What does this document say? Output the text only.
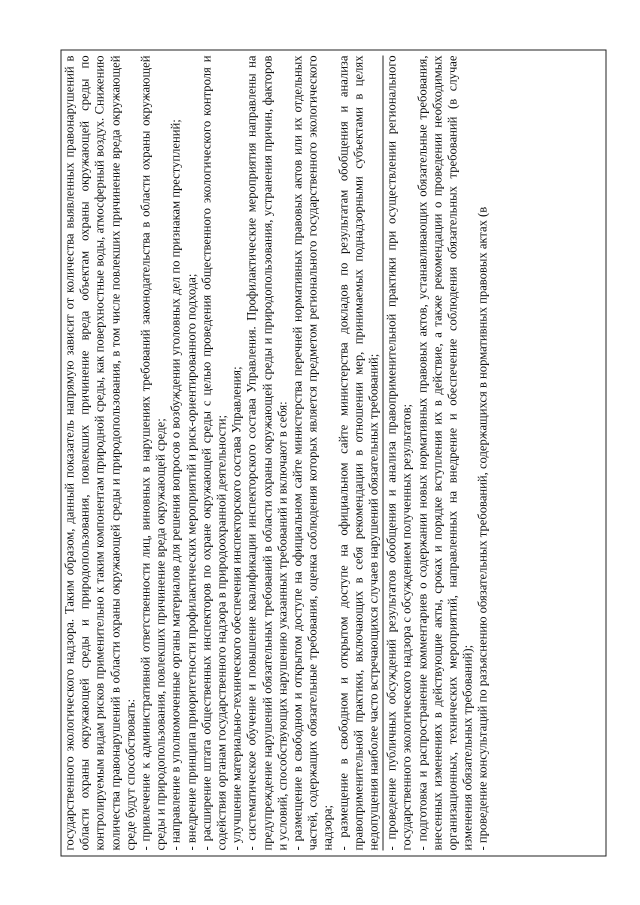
государственного экологического надзора. Таким образом, данный показатель напрямую зависит от количества выявленных правонарушений в области охраны окружающей среды и природопользования, повлекших причинение вреда объектам охраны окружающей среды по контролируемым видам рисков применительно к таким компонентам природной среды, как поверхностные воды, атмосферный воздух. Снижению количества правонарушений в области охраны окружающей среды и природопользования, в том числе повлекших причинение вреда окружающей среде будут способствовать: - привлечение к административной ответственности лиц, виновных в нарушениях требований законодательства в области охраны окружающей среды и природопользования, повлекших причинение вреда окружающей среде; - направление в уполномоченные органы материалов для решения вопросов о возбуждении уголовных дел по признакам преступлений; - внедрение принципа приоритетности профилактических мероприятий и риск-ориентированного подхода; - расширение штата общественных инспекторов по охране окружающей среды с целью проведения общественного экологического контроля и содействия органам государственного надзора в природоохранной деятельности; - улучшение материально-технического обеспечения инспекторского состава Управления; - систематическое обучение и повышение квалификации инспекторского состава Управления. Профилактические мероприятия направлены на предупреждение нарушений обязательных требований в области охраны окружающей среды и природопользования, устранения причин, факторов и условий, способствующих нарушению указанных требований и включают в себя: - размещение в свободном и открытом доступе на официальном сайте министерства перечней нормативных правовых актов или их отдельных частей, содержащих обязательные требования, оценка соблюдения которых является предметом регионального государственного экологического надзора; - размещение в свободном и открытом доступе на официальном сайте министерства докладов по результатам обобщения и анализа правоприменительной практики, включающих в себя рекомендации в отношении мер, принимаемых поднадзорными субъектами в целях недопущения наиболее часто встречающихся случаев нарушений обязательных требований; - проведение публичных обсуждений результатов обобщения и анализа правоприменительной практики при осуществлении регионального государственного экологического надзора с обсуждением полученных результатов; - подготовка и распространение комментариев о содержании новых нормативных правовых актов, устанавливающих обязательные требования, внесенных изменениях в действующие акты, сроках и порядке вступления их в действие, а также рекомендации о проведении необходимых организационных, технических мероприятий, направленных на внедрение и обеспечение соблюдения обязательных требований (в случае изменения обязательных требований); - проведение консультаций по разъяснению обязательных требований, содержащихся в нормативных правовых актах (в
